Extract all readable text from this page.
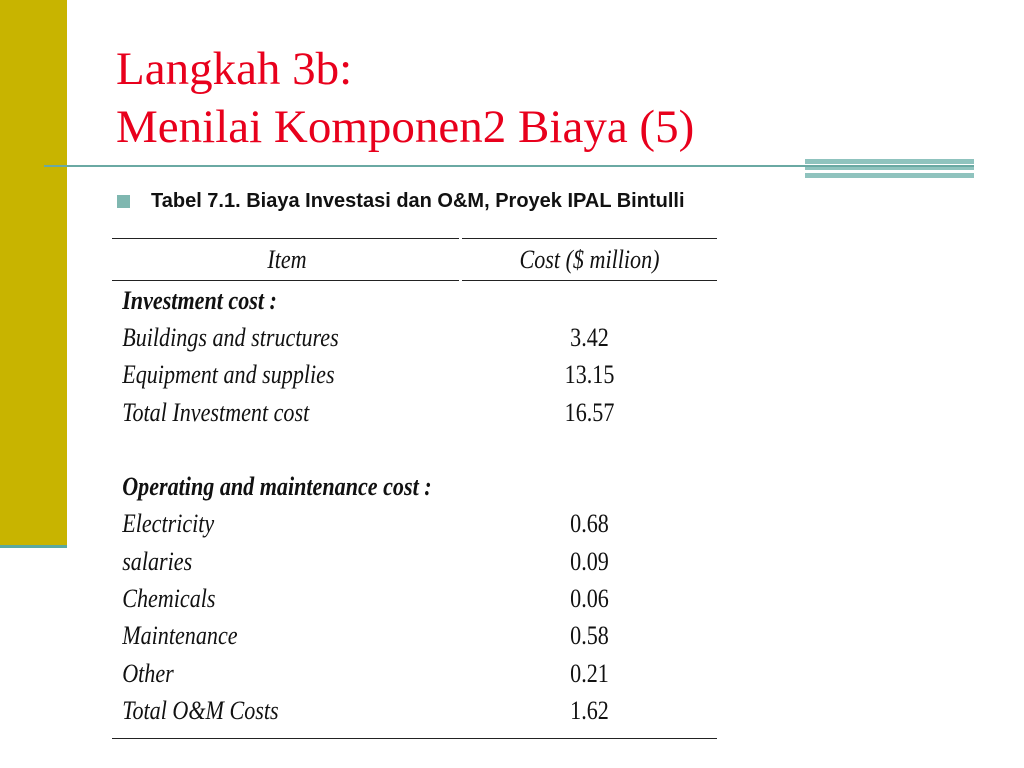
Langkah 3b:
Menilai Komponen2 Biaya (5)
Tabel 7.1. Biaya Investasi dan O&M, Proyek IPAL Bintulli
Item	Cost ($ million)
Investment cost :
Buildings and structures	3.42
Equipment and supplies	13.15
Total Investment cost	16.57
Operating and maintenance cost :
Electricity	0.68
salaries	0.09
Chemicals	0.06
Maintenance	0.58
Other	0.21
Total O&M Costs	1.62
